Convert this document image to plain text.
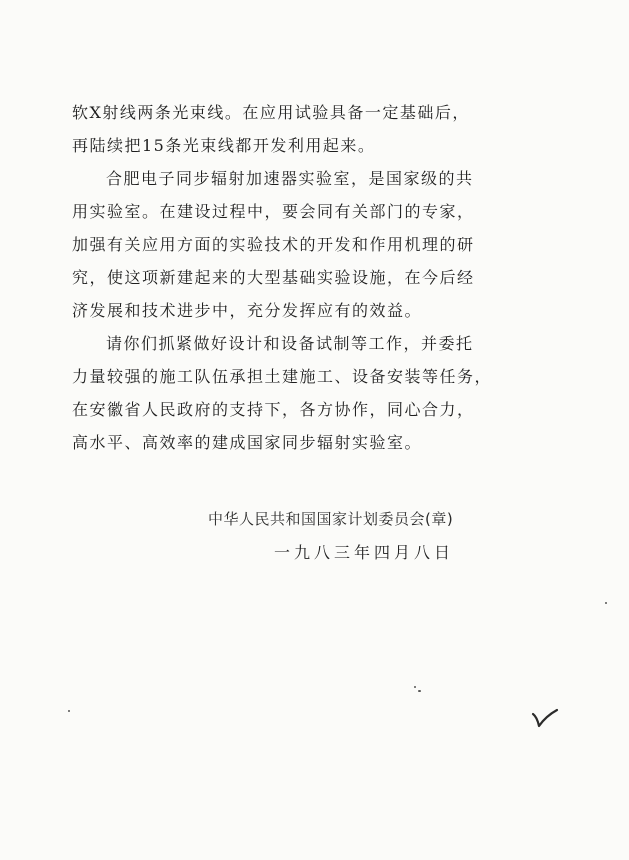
软X射线两条光束线。在应用试验具备一定基础后，
再陆续把15条光束线都开发利用起来。
合肥电子同步辐射加速器实验室，是国家级的共
用实验室。在建设过程中，要会同有关部门的专家，
加强有关应用方面的实验技术的开发和作用机理的研
究，使这项新建起来的大型基础实验设施，在今后经
济发展和技术进步中，充分发挥应有的效益。
请你们抓紧做好设计和设备试制等工作，并委托
力量较强的施工队伍承担土建施工、设备安装等任务，
在安徽省人民政府的支持下，各方协作，同心合力，
高水平、高效率的建成国家同步辐射实验室。
中华人民共和国国家计划委员会(章)
一九八三年四月八日
